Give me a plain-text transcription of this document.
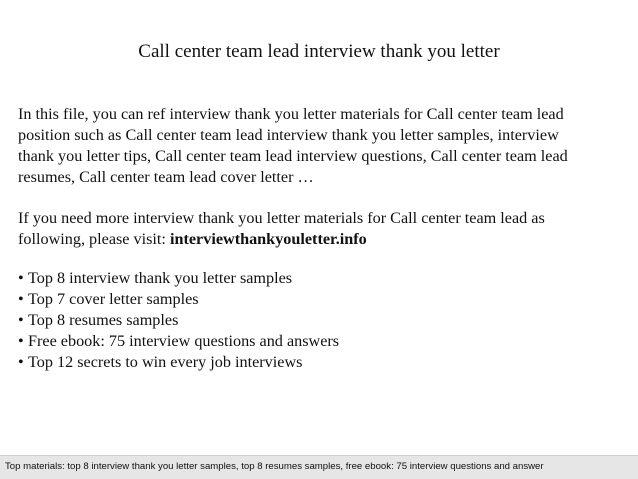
Call center team lead interview thank you letter
In this file, you can ref interview thank you letter materials for Call center team lead
position such as Call center team lead interview thank you letter samples, interview
thank you letter tips, Call center team lead interview questions, Call center team lead
resumes, Call center team lead cover letter …
If you need more interview thank you letter materials for Call center team lead as
following, please visit: interviewthankyouletter.info
• Top 8 interview thank you letter samples
• Top 7 cover letter samples
• Top 8 resumes samples
• Free ebook: 75 interview questions and answers
• Top 12 secrets to win every job interviews
Top materials: top 8 interview thank you letter samples, top 8 resumes samples, free ebook: 75 interview questions and answer
